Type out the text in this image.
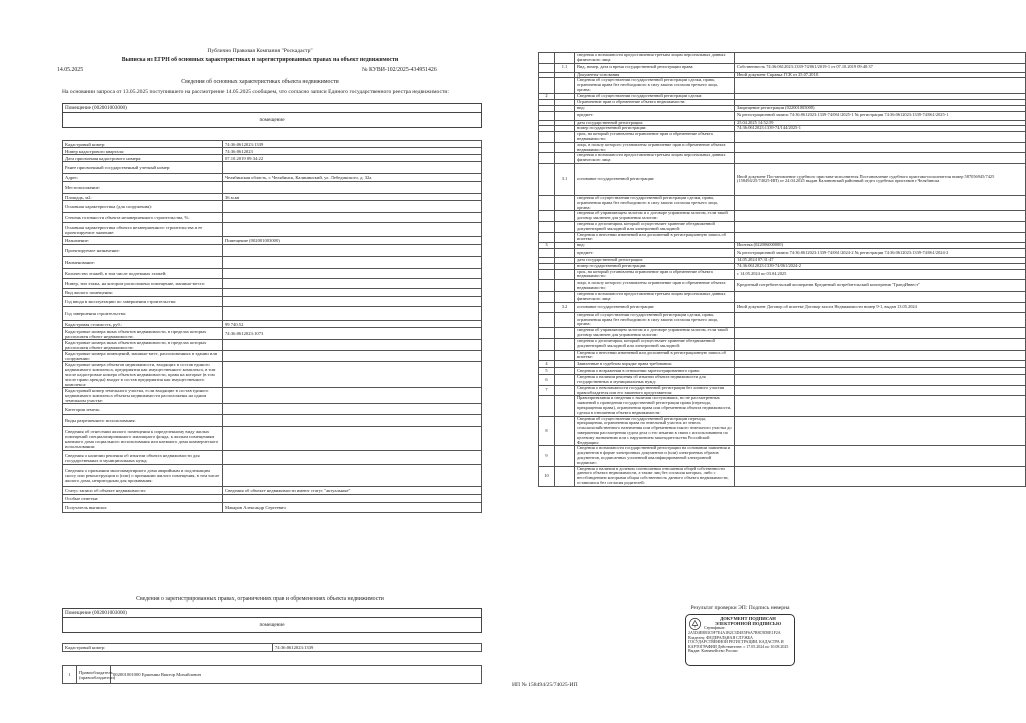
Публично Правовая Компания "Роскадастр"
Выписка из ЕГРН об основных характеристиках и зарегистрированных правах на объект недвижимости
14.05.2025	№ КУВИ-102/2025-434951426
Сведения об основных характеристиках объекта недвижимости
На основании запроса от 13.05.2025 поступившего на рассмотрение 14.05.2025 сообщаем, что согласно записи Единого государственного реестра недвижимости:
Помещение (002001003000)
помещение
Кадастровый номер:	74:36:0612023:1339
Номер кадастрового квартала:	74:36:0612023
Дата присвоения кадастрового номера:	07.10.2019 09:34:22
Ранее присвоенный государственный учетный номер:	
Адрес:	Челябинская область, г. Челябинск, Калининский, ул. Лебединского, д. 32а
Местоположение:	
Площадь, м2:	36 м.кв
Основная характеристика (для сооружения):	
Степень готовности объекта незавершенного строительства, %:	
Основная характеристика объекта незавершенного строительства и ее проектируемое значение:	
Назначение:	Помещение (002001003000)
Проектируемое назначение:	
Наименование:	
Количество этажей, в том числе подземных этажей:	
Номер, тип этажа, на котором расположено помещение, машино-место:	
Вид жилого помещения:	
Год ввода в эксплуатацию по завершении строительства:	
Год завершения строительства:	
Кадастровая стоимость, руб.:	99 740.52
Кадастровые номера иных объектов недвижимости, в пределах которых расположен объект недвижимости:	74:36:0612023:1073
Кадастровые номера иных объектов недвижимости, в пределах которых расположен объект недвижимости:	
Кадастровые номера помещений, машино-мест, расположенных в здании или сооружении:	
Кадастровые номера объектов недвижимости, входящих в состав единого недвижимого комплекса, предприятия как имущественного комплекса, в том числе кадастровые номера объектов недвижимости, права на которые (в том числе право аренды) входят в состав предприятия как имущественного комплекса:	
Кадастровый номер земельного участка, если входящие в состав единого недвижимого комплекса объекты недвижимости расположены на одном земельном участке:	
Категория земель:	
Виды разрешенного использования:	
Сведения об отнесении жилого помещения к определенному виду жилых помещений специализированного жилищного фонда, к жилым помещениям наемного дома социального использования или наемного дома коммерческого использования:	
Сведения о наличии решения об изъятии объекта недвижимости для государственных и муниципальных нужд:	
Сведения о признании многоквартирного дома аварийным и подлежащим сносу или реконструкции и (или) о признании жилого помещения, в том числе жилого дома, непригодным для проживания:	
Статус записи об объекте недвижимости:	Сведения об объекте недвижимости имеют статус "актуальные"
Особые отметки:	
Получатель выписки:	Макаров Александр Сергеевич
Сведения о зарегистрированных правах, ограничениях прав и обременениях объекта недвижимости
Помещение (002001003000)
помещение
Кадастровый номер:	74:36:0612023:1339
1	Правообладатель (правообладатели)	002001001000 Ершенин Виктор Михайлович
		сведения о возможности предоставления третьим лицам персональных данных физического лица	
	1.1	Вид, номер, дата и время государственной регистрации права:	Собственность 74:36:0612023:1339-74/061/2019-1 от 07.10.2019 09:40:37
		Документы-основания	Иной документ Справка ГСК от 25.07.2018.
		Сведения об осуществлении государственной регистрации сделки, права, ограничения права без необходимого в силу закона согласия третьего лица, органа:	
2		Сведения об осуществлении государственной регистрации сделки:	
		Ограничение прав и обременение объекта недвижимости:	
		вид:	Запрещение регистрации (022001005000)
		предмет:	№ регистрационной записи 74:36:0612023:1339-74/061/2025-1 № регистрации 74:36:0612023:1339-74/061/2025-1
		дата государственной регистрации:	25.04.2025 14:52:59
		номер государственной регистрации:	74:36:0612023:1339-74/144/2025-1
		срок, на который установлены ограничение прав и обременение объекта недвижимости:	
		лицо, в пользу которого установлены ограничение прав и обременение объекта недвижимости:	
		сведения о возможности предоставления третьим лицам персональных данных физического лица	
	3.1	основание государственной регистрации:	Иной документ Постановление судебного пристава-исполнителя Постановление судебного пристава-исполнителя номер 587056945/7425 (158494/25/74025-ИП) от 24.04.2025 выдан Калининский районный отдел судебных приставов г.Челябинска
		сведения об осуществлении государственной регистрации сделки, права, ограничения права без необходимого в силу закона согласия третьего лица, органа:	
		сведения об управляющем залогом и о договоре управления залогом, если такой договор заключен для управления залогом:	
		сведения о депозитарии, который осуществляет хранение обездвиженной документарной закладной или электронной закладной:	
		Сведения о внесении изменений или дополнений в регистрационную запись об ипотеке:	
3		вид:	Ипотека (022006000000)
		предмет:	№ регистрационной записи 74:36:0612023:1339-74/061/2024-2 № регистрации 74:36:0612023:1339-74/061/2024-2
		дата государственной регистрации:	14.05.2024 07:31:47
		номер государственной регистрации:	74:36:0612023:1339-74/061/2024-2
		срок, на который установлены ограничение прав и обременение объекта недвижимости:	с 14.05.2024 по 03.04.2025
		лицо, в пользу которого установлены ограничение прав и обременение объекта недвижимости:	Кредитный потребительский кооператив Кредитный потребительский кооператив "ГрандИнвест"
		сведения о возможности предоставления третьим лицам персональных данных физического лица	
	3.2	основание государственной регистрации:	Иной документ Договор об ипотеке Договор залога Недвижимости номер 9-1, выдан 13.05.2024
		сведения об осуществлении государственной регистрации сделки, права, ограничения права без необходимого в силу закона согласия третьего лица, органа:	
		сведения об управляющем залогом и о договоре управления залогом, если такой договор заключен для управления залогом:	
		сведения о депозитарии, который осуществляет хранение обездвиженной документарной закладной или электронной закладной:	
		Сведения о внесении изменений или дополнений в регистрационную запись об ипотеке:	
4		Заявленные в судебном порядке права требования:	
5		Сведения о возражении в отношении зарегистрированного права:	
6		Сведения о наличии решения об изъятии объекта недвижимости для государственных и муниципальных нужд:	
7		Сведения о невозможности государственной регистрации без личного участия правообладателя или его законного представителя:	
		Правопритязания и сведения о наличии поступивших, но не рассмотренных заявлений о проведении государственной регистрации права (перехода, прекращения права), ограничения права или обременения объекта недвижимости, сделки в отношении объекта недвижимости:	
8		Сведения об осуществлении государственной регистрации перехода, прекращения, ограничения права на земельный участок из земель сельскохозяйственного назначения или обременения такого земельного участка до завершения рассмотрения судом дела о его изъятии в связи с использованием по целевому назначению или с нарушением законодательства Российской Федерации:	
9		Сведения о возможности государственной регистрации на основании заявления и документов в форме электронных документов и (или) электронных образов документов, подписанных усиленной квалифицированной электронной подписью:	
10		Сведения о наличии в долевом соотношении отношении общей собственности данного объекта недвижимости, а также лиц без согласия которых, либо с несоблюдением которыми общая собственность данного объекта недвижимости, оставшихся без согласия родителей:	
Результат проверки ЭП: Подпись неверна
ДОКУМЕНТ ПОДПИСАН ЭЛЕКТРОННОЙ ПОДПИСЬЮ
Сертификат: 2A5D4E8B3C9F7E4A1B2C3D4E5F6A7B8C9D0E1F2A Владелец: ФЕДЕРАЛЬНАЯ СЛУЖБА ГОСУДАРСТВЕННОЙ РЕГИСТРАЦИИ, КАДАСТРА И КАРТОГРАФИИ Действителен: с 17.05.2024 по 10.08.2025 Выдан: Казначейство России
ИП № 158494/25/74025-ИП
